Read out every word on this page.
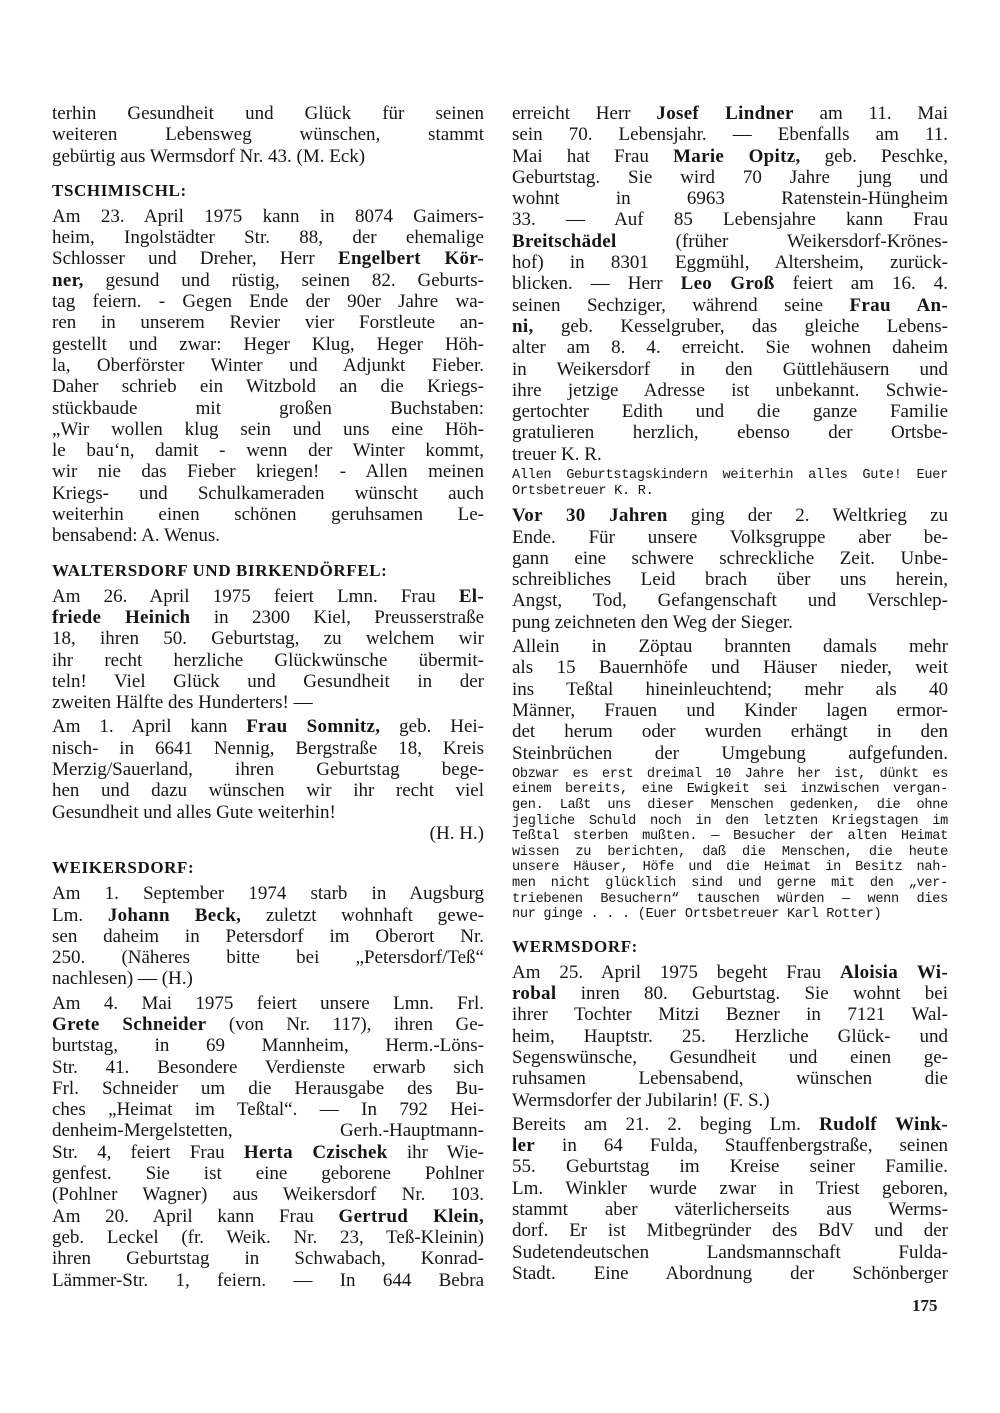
terhin Gesundheit und Glück für seinen
weiteren Lebensweg wünschen, stammt
gebürtig aus Wermsdorf Nr. 43. (M. Eck)
TSCHIMISCHL:
Am 23. April 1975 kann in 8074 Gaimers-
heim, Ingolstädter Str. 88, der ehemalige
Schlosser und Dreher, Herr Engelbert Kör-
ner, gesund und rüstig, seinen 82. Geburts-
tag feiern. - Gegen Ende der 90er Jahre wa-
ren in unserem Revier vier Forstleute an-
gestellt und zwar: Heger Klug, Heger Höh-
la, Oberförster Winter und Adjunkt Fieber.
Daher schrieb ein Witzbold an die Kriegs-
stückbaude mit großen Buchstaben:
„Wir wollen klug sein und uns eine Höh-
le bau‘n, damit - wenn der Winter kommt,
wir nie das Fieber kriegen! - Allen meinen
Kriegs- und Schulkameraden wünscht auch
weiterhin einen schönen geruhsamen Le-
bensabend: A. Wenus.
WALTERSDORF UND BIRKENDÖRFEL:
Am 26. April 1975 feiert Lmn. Frau El-
friede Heinich in 2300 Kiel, Preusserstraße
18, ihren 50. Geburtstag, zu welchem wir
ihr recht herzliche Glückwünsche übermit-
teln! Viel Glück und Gesundheit in der
zweiten Hälfte des Hunderters! —
Am 1. April kann Frau Somnitz, geb. Hei-
nisch- in 6641 Nennig, Bergstraße 18, Kreis
Merzig/Sauerland, ihren Geburtstag bege-
hen und dazu wünschen wir ihr recht viel
Gesundheit und alles Gute weiterhin!
(H. H.)
WEIKERSDORF:
Am 1. September 1974 starb in Augsburg
Lm. Johann Beck, zuletzt wohnhaft gewe-
sen daheim in Petersdorf im Oberort Nr.
250. (Näheres bitte bei „Petersdorf/Teß“
nachlesen) — (H.)
Am 4. Mai 1975 feiert unsere Lmn. Frl.
Grete Schneider (von Nr. 117), ihren Ge-
burtstag, in 69 Mannheim, Herm.-Löns-
Str. 41. Besondere Verdienste erwarb sich
Frl. Schneider um die Herausgabe des Bu-
ches „Heimat im Teßtal“. — In 792 Hei-
denheim-Mergelstetten, Gerh.-Hauptmann-
Str. 4, feiert Frau Herta Czischek ihr Wie-
genfest. Sie ist eine geborene Pohlner
(Pohlner Wagner) aus Weikersdorf Nr. 103.
Am 20. April kann Frau Gertrud Klein,
geb. Leckel (fr. Weik. Nr. 23, Teß-Kleinin)
ihren Geburtstag in Schwabach, Konrad-
Lämmer-Str. 1, feiern. — In 644 Bebra
erreicht Herr Josef Lindner am 11. Mai
sein 70. Lebensjahr. — Ebenfalls am 11.
Mai hat Frau Marie Opitz, geb. Peschke,
Geburtstag. Sie wird 70 Jahre jung und
wohnt in 6963 Ratenstein-Hüngheim
33. — Auf 85 Lebensjahre kann Frau
Breitschädel (früher Weikersdorf-Krönes-
hof) in 8301 Eggmühl, Altersheim, zurück-
blicken. — Herr Leo Groß feiert am 16. 4.
seinen Sechziger, während seine Frau An-
ni, geb. Kesselgruber, das gleiche Lebens-
alter am 8. 4. erreicht. Sie wohnen daheim
in Weikersdorf in den Güttlehäusern und
ihre jetzige Adresse ist unbekannt. Schwie-
gertochter Edith und die ganze Familie
gratulieren herzlich, ebenso der Ortsbe-
treuer K. R.
Allen Geburtstagskindern weiterhin alles Gute! Euer
Ortsbetreuer K. R.
Vor 30 Jahren ging der 2. Weltkrieg zu
Ende. Für unsere Volksgruppe aber be-
gann eine schwere schreckliche Zeit. Unbe-
schreibliches Leid brach über uns herein,
Angst, Tod, Gefangenschaft und Verschlep-
pung zeichneten den Weg der Sieger.
Allein in Zöptau brannten damals mehr
als 15 Bauernhöfe und Häuser nieder, weit
ins Teßtal hineinleuchtend; mehr als 40
Männer, Frauen und Kinder lagen ermor-
det herum oder wurden erhängt in den
Steinbrüchen der Umgebung aufgefunden.
Obzwar es erst dreimal 10 Jahre her ist, dünkt es
einem bereits, eine Ewigkeit sei inzwischen vergan-
gen. Laßt uns dieser Menschen gedenken, die ohne
jegliche Schuld noch in den letzten Kriegstagen im
Teßtal sterben mußten. — Besucher der alten Heimat
wissen zu berichten, daß die Menschen, die heute
unsere Häuser, Höfe und die Heimat in Besitz nah-
men nicht glücklich sind und gerne mit den „ver-
triebenen Besuchern“ tauschen würden — wenn dies
nur ginge . . . (Euer Ortsbetreuer Karl Rotter)
WERMSDORF:
Am 25. April 1975 begeht Frau Aloisia Wi-
robal inren 80. Geburtstag. Sie wohnt bei
ihrer Tochter Mitzi Bezner in 7121 Wal-
heim, Hauptstr. 25. Herzliche Glück- und
Segenswünsche, Gesundheit und einen ge-
ruhsamen Lebensabend, wünschen die
Wermsdorfer der Jubilarin! (F. S.)
Bereits am 21. 2. beging Lm. Rudolf Wink-
ler in 64 Fulda, Stauffenbergstraße, seinen
55. Geburtstag im Kreise seiner Familie.
Lm. Winkler wurde zwar in Triest geboren,
stammt aber väterlicherseits aus Werms-
dorf. Er ist Mitbegründer des BdV und der
Sudetendeutschen Landsmannschaft Fulda-
Stadt. Eine Abordnung der Schönberger
175
